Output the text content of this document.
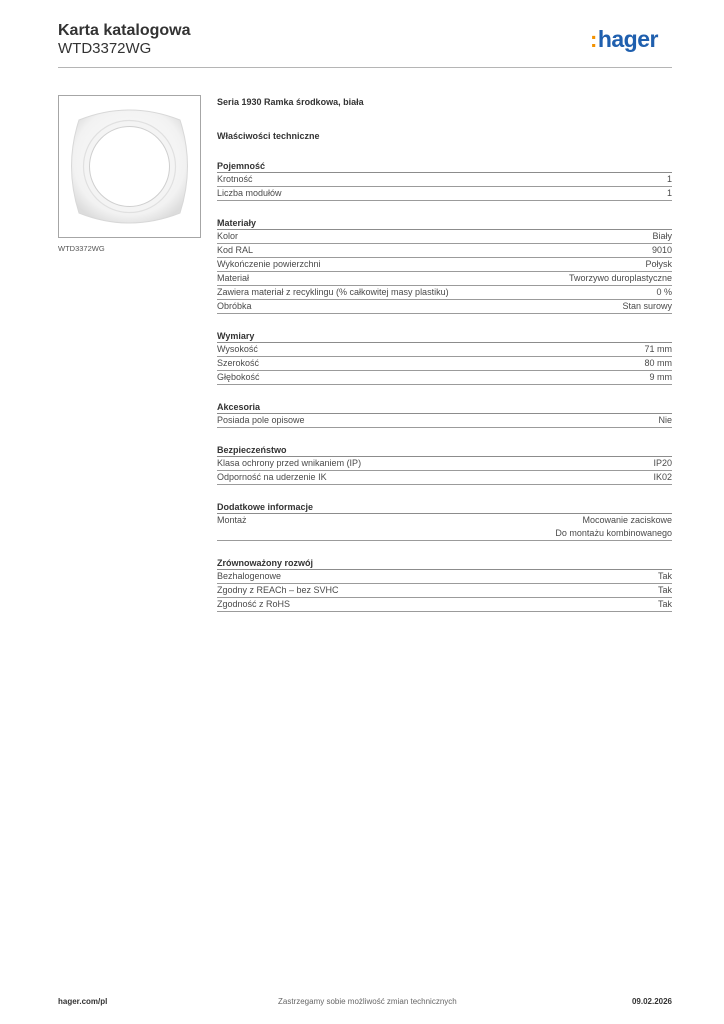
Karta katalogowa
WTD3372WG	:hager
WTD3372WG
Seria 1930 Ramka środkowa, biała
Właściwości techniczne
Pojemność
Krotność	1
Liczba modułów	1
Materiały
Kolor	Biały
Kod RAL	9010
Wykończenie powierzchni	Połysk
Materiał	Tworzywo duroplastyczne
Zawiera materiał z recyklingu (% całkowitej masy plastiku)	0 %
Obróbka	Stan surowy
Wymiary
Wysokość	71 mm
Szerokość	80 mm
Głębokość	9 mm
Akcesoria
Posiada pole opisowe	Nie
Bezpieczeństwo
Klasa ochrony przed wnikaniem (IP)	IP20
Odporność na uderzenie IK	IK02
Dodatkowe informacje
Montaż	Mocowanie zaciskowe
Do montażu kombinowanego
Zrównoważony rozwój
Bezhalogenowe	Tak
Zgodny z REACh – bez SVHC	Tak
Zgodność z RoHS	Tak
hager.com/pl	Zastrzegamy sobie możliwość zmian technicznych	09.02.2026
